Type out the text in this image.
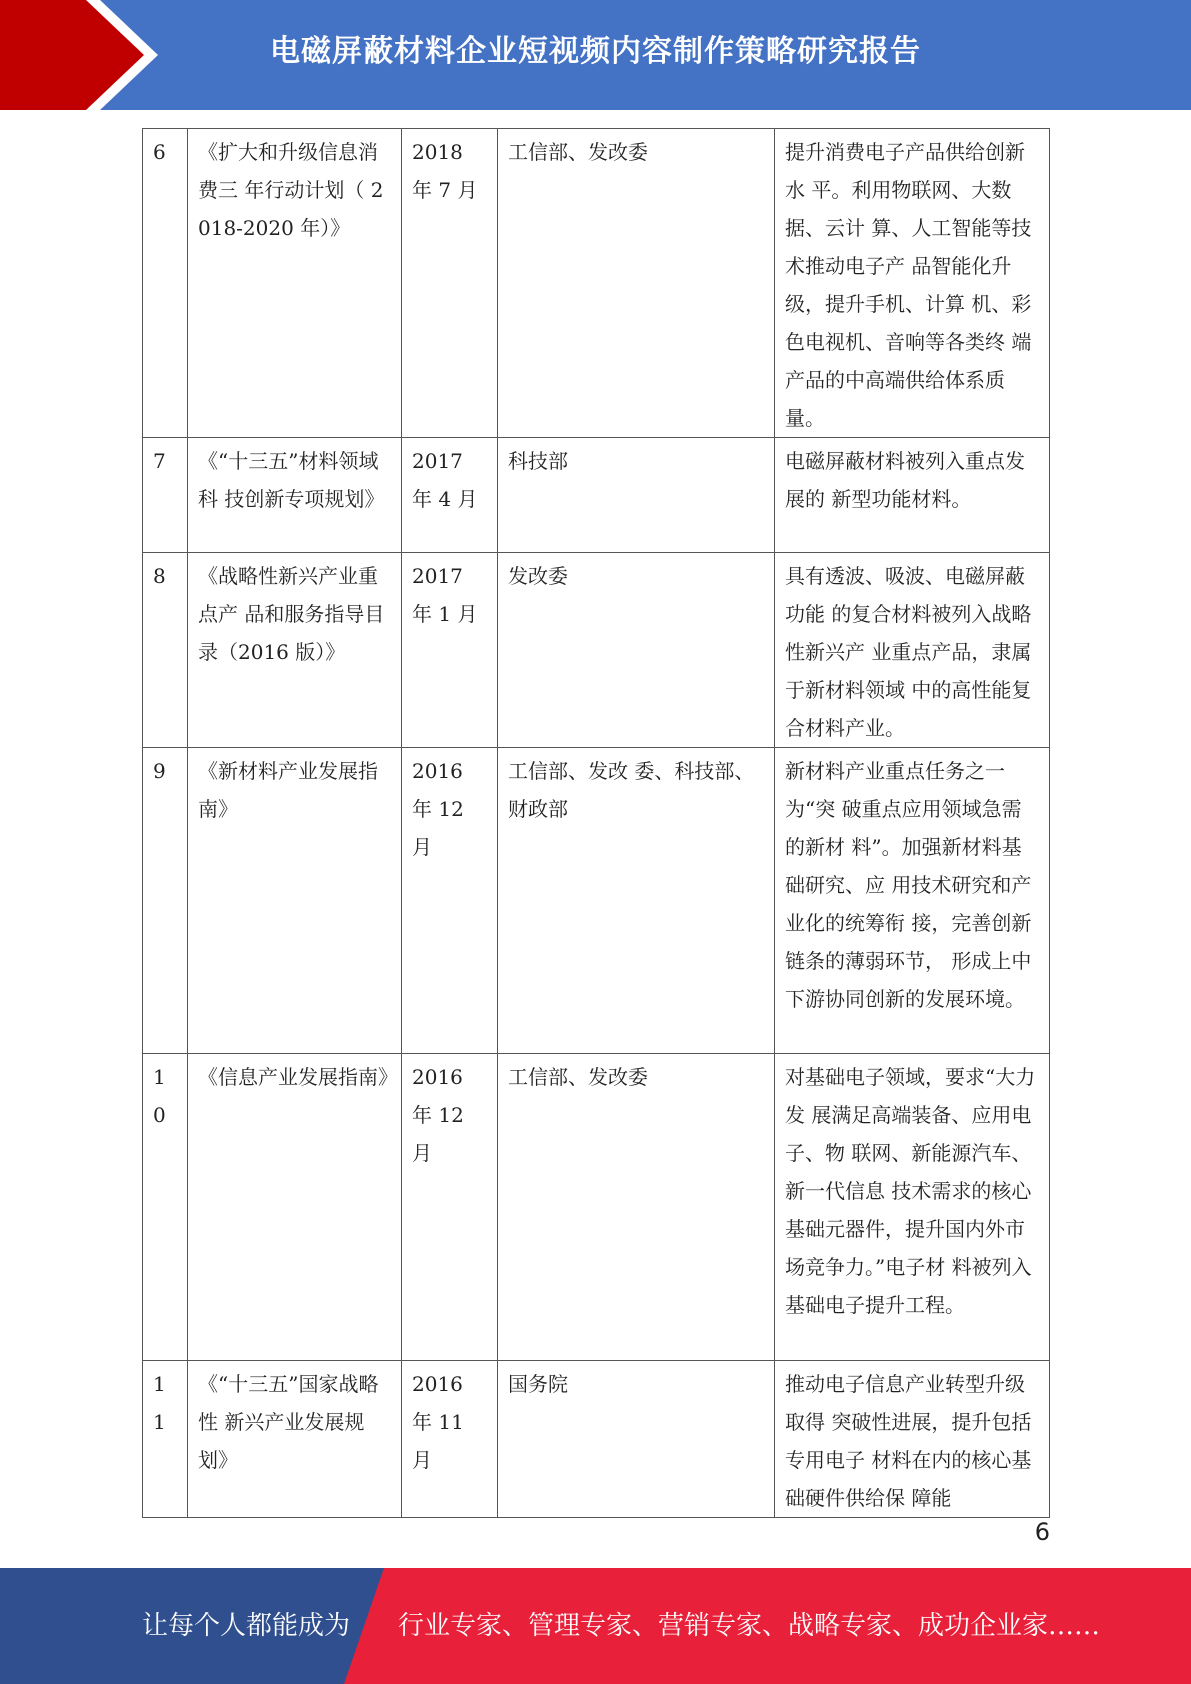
电磁屏蔽材料企业短视频内容制作策略研究报告
6	《扩大和升级信息消费三 年行动计划（ 2018-2020 年）》	2018 年 7 月	工信部、发改委	提升消费电子产品供给创新水 平。利用物联网、大数据、云计 算、人工智能等技术推动电子产 品智能化升级，提升手机、计算 机、彩色电视机、音响等各类终 端产品的中高端供给体系质量。
7	《“十三五”材料领域科 技创新专项规划》	2017 年 4 月	科技部	电磁屏蔽材料被列入重点发展的 新型功能材料。
8	《战略性新兴产业重点产 品和服务指导目录（2016 版）》	2017 年 1 月	发改委	具有透波、吸波、电磁屏蔽功能 的复合材料被列入战略性新兴产 业重点产品，隶属于新材料领域 中的高性能复合材料产业。
9	《新材料产业发展指南》	2016 年 12 月	工信部、发改 委、科技部、 财政部	新材料产业重点任务之一为“突 破重点应用领域急需的新材 料”。加强新材料基础研究、应 用技术研究和产业化的统筹衔 接，完善创新链条的薄弱环节， 形成上中下游协同创新的发展环境。
10	《信息产业发展指南》	2016 年 12 月	工信部、发改委	对基础电子领域，要求“大力发 展满足高端装备、应用电子、物 联网、新能源汽车、新一代信息 技术需求的核心基础元器件，提升国内外市场竞争力。”电子材 料被列入基础电子提升工程。
11	《“十三五”国家战略性 新兴产业发展规划》	2016 年 11 月	国务院	推动电子信息产业转型升级取得 突破性进展，提升包括专用电子 材料在内的核心基础硬件供给保 障能
6
让每个人都能成为 行业专家、管理专家、营销专家、战略专家、成功企业家……
